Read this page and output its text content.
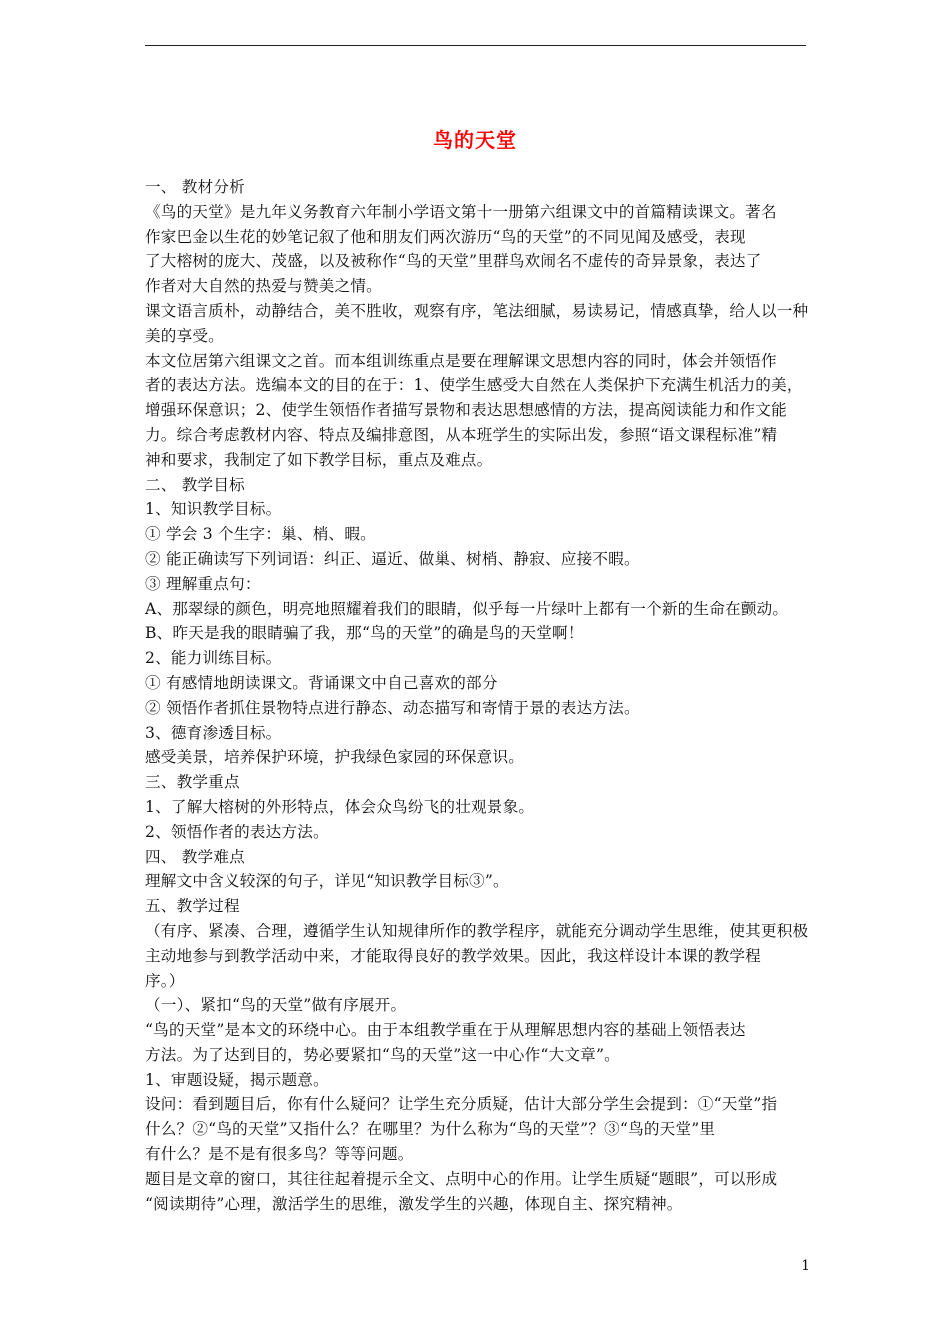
鸟的天堂
一、 教材分析
《鸟的天堂》是九年义务教育六年制小学语文第十一册第六组课文中的首篇精读课文。著名
作家巴金以生花的妙笔记叙了他和朋友们两次游历“鸟的天堂”的不同见闻及感受，表现
了大榕树的庞大、茂盛，以及被称作“鸟的天堂”里群鸟欢闹名不虚传的奇异景象，表达了
作者对大自然的热爱与赞美之情。
课文语言质朴，动静结合，美不胜收，观察有序，笔法细腻，易读易记，情感真挚，给人以一种
美的享受。
本文位居第六组课文之首。而本组训练重点是要在理解课文思想内容的同时，体会并领悟作
者的表达方法。选编本文的目的在于：1、使学生感受大自然在人类保护下充满生机活力的美，
增强环保意识；2、使学生领悟作者描写景物和表达思想感情的方法，提高阅读能力和作文能
力。综合考虑教材内容、特点及编排意图，从本班学生的实际出发，参照“语文课程标准”精
神和要求，我制定了如下教学目标，重点及难点。
二、 教学目标
1、知识教学目标。
① 学会 3 个生字：巢、梢、暇。
② 能正确读写下列词语：纠正、逼近、做巢、树梢、静寂、应接不暇。
③ 理解重点句：
A、那翠绿的颜色，明亮地照耀着我们的眼睛，似乎每一片绿叶上都有一个新的生命在颤动。
B、昨天是我的眼睛骗了我，那“鸟的天堂”的确是鸟的天堂啊！
2、能力训练目标。
① 有感情地朗读课文。背诵课文中自己喜欢的部分
② 领悟作者抓住景物特点进行静态、动态描写和寄情于景的表达方法。
3、德育渗透目标。
感受美景，培养保护环境，护我绿色家园的环保意识。
三、教学重点
1、了解大榕树的外形特点，体会众鸟纷飞的壮观景象。
2、领悟作者的表达方法。
四、 教学难点
理解文中含义较深的句子，详见“知识教学目标③”。
五、教学过程
（有序、紧凑、合理，遵循学生认知规律所作的教学程序，就能充分调动学生思维，使其更积极
主动地参与到教学活动中来，才能取得良好的教学效果。因此，我这样设计本课的教学程
序。）
（一）、紧扣“鸟的天堂”做有序展开。
“鸟的天堂”是本文的环绕中心。由于本组教学重在于从理解思想内容的基础上领悟表达
方法。为了达到目的，势必要紧扣“鸟的天堂”这一中心作“大文章”。
1、审题设疑，揭示题意。
设问：看到题目后，你有什么疑问？让学生充分质疑，估计大部分学生会提到：①“天堂”指
什么？②“鸟的天堂”又指什么？在哪里？为什么称为“鸟的天堂”？③“鸟的天堂”里
有什么？是不是有很多鸟？等等问题。
题目是文章的窗口，其往往起着提示全文、点明中心的作用。让学生质疑“题眼”，可以形成
“阅读期待”心理，激活学生的思维，激发学生的兴趣，体现自主、探究精神。
1
